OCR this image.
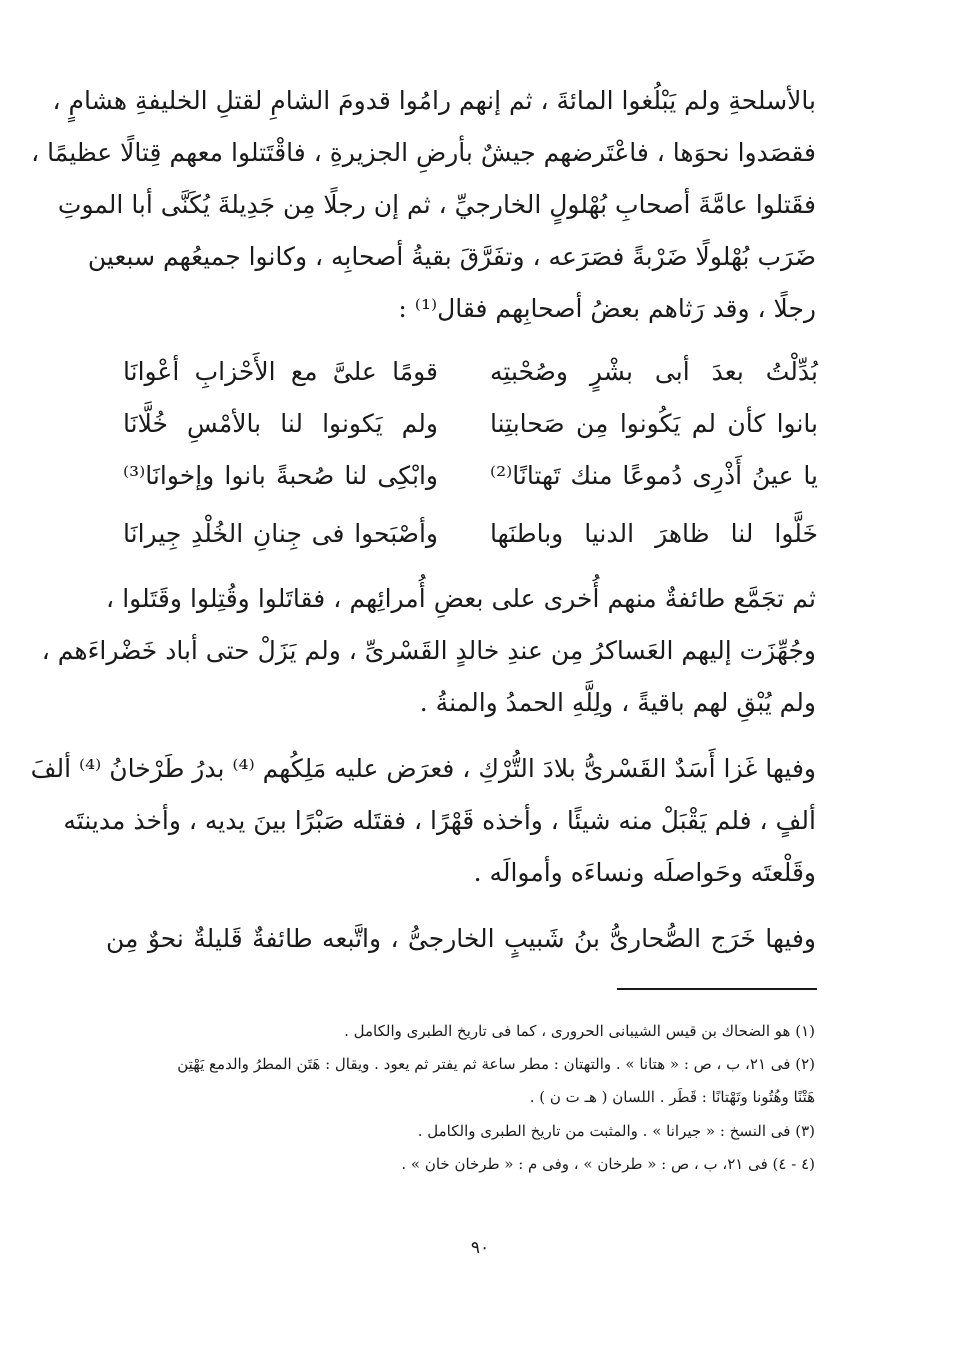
بالأسلحةِ ولم يَبْلُغوا المائةَ ، ثم إنهم رامُوا قدومَ الشامِ لقتلِ الخليفةِ هشامٍ ،
فقصَدوا نحوَها ، فاعْتَرضهم جيشٌ بأرضِ الجزيرةِ ، فاقْتَتلوا معهم قِتالًا عظيمًا ،
فقَتلوا عامَّةَ أصحابِ بُهْلولٍ الخارجيِّ ، ثم إن رجلًا مِن جَدِيلةَ يُكَنَّى أبا الموتِ
ضَرَب بُهْلولًا ضَرْبةً فصَرَعه ، وتفَرَّقَ بقيةُ أصحابِه ، وكانوا جميعُهم سبعين
رجلًا ، وقد رَثاهم بعضُ أصحابِهم فقال⁽¹⁾ :
بُدِّلْتُ بعدَ أبى بشْرٍ وصُحْبتِه
قومًا علىَّ مع الأَحْزابِ أعْوانَا
بانوا كأن لم يَكُونوا مِن صَحابتِنا
ولم يَكونوا لنا بالأمْسِ خُلَّانَا
يا عينُ أَذْرِى دُموعًا منك تَهتانًا⁽²⁾
وابْكِى لنا صُحبةً بانوا وإخوانَا⁽³⁾
خَلَّوا لنا ظاهرَ الدنيا وباطنَها
وأصْبَحوا فى جِنانِ الخُلْدِ جِيرانَا
ثم تجَمَّع طائفةٌ منهم أُخرى على بعضِ أُمرائِهم ، فقاتَلوا وقُتِلوا وقَتَلوا ،
وجُهِّزَت إليهم العَساكرُ مِن عندِ خالدٍ القَسْرىِّ ، ولم يَزَلْ حتى أباد خَضْراءَهم ،
ولم يُبْقِ لهم باقيةً ، ولِلَّهِ الحمدُ والمنةُ .
وفيها غَزا أَسَدٌ القَسْرىُّ بلادَ التُّرْكِ ، فعرَض عليه مَلِكُهم ⁽⁴⁾ بدرُ طَرْخانُ ⁽⁴⁾ ألفَ
ألفٍ ، فلم يَقْبَلْ منه شيئًا ، وأخذه قَهْرًا ، فقتَله صَبْرًا بينَ يديه ، وأخذ مدينتَه
وقَلْعتَه وحَواصلَه ونساءَه وأموالَه .
وفيها خَرَج الصُّحارىُّ بنُ شَبيبٍ الخارجىُّ ، واتَّبعه طائفةٌ قَليلةٌ نحوٌ مِن
(١) هو الضحاك بن قيس الشيبانى الحرورى ، كما فى تاريخ الطبرى والكامل .
(٢) فى ٢١، ب ، ص : « هتانا » . والتهتان : مطر ساعة ثم يفتر ثم يعود . ويقال : هَتَن المطرُ والدمع يَهْتِن
هَتْنًا وهُتُونا وتَهْتانًا : قَطَر . اللسان ( هـ ت ن ) .
(٣) فى النسخ : « جيرانا » . والمثبت من تاريخ الطبرى والكامل .
(٤ - ٤) فى ٢١، ب ، ص : « طرخان » ، وفى م : « طرخان خان » .
٩٠
